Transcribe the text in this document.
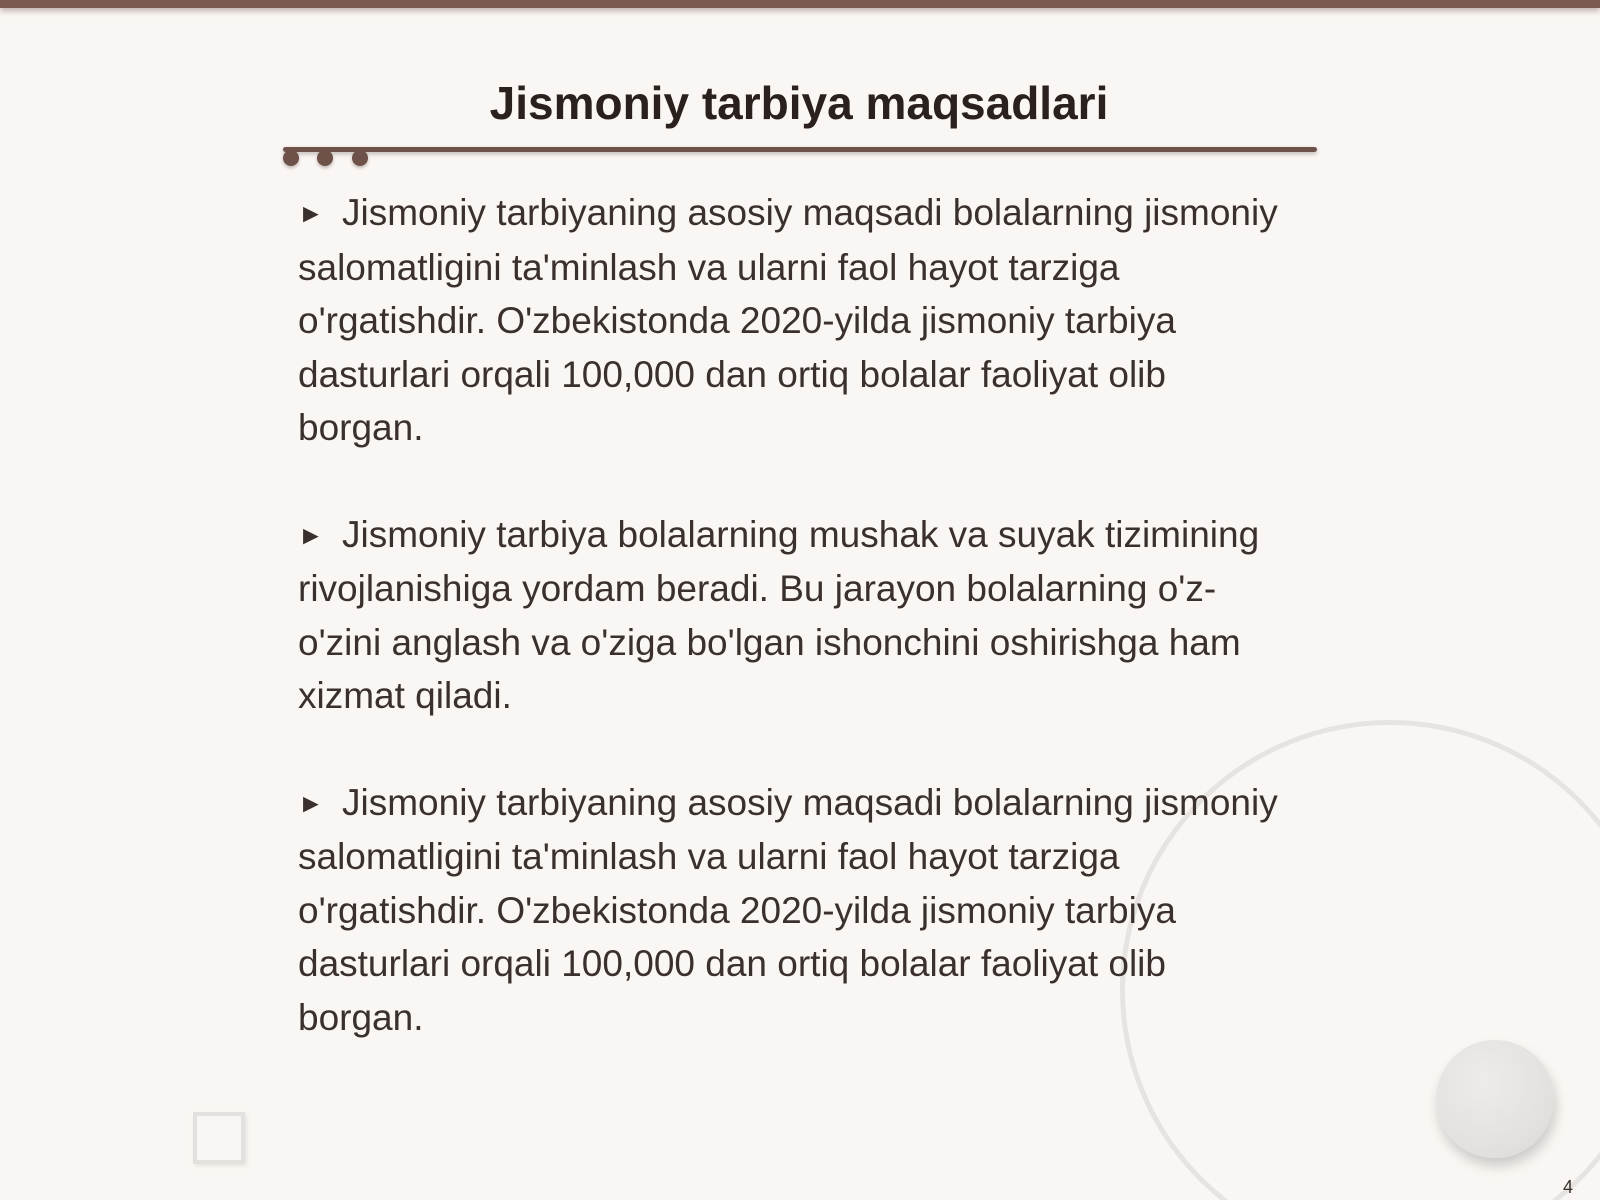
Jismoniy tarbiya maqsadlari

► Jismoniy tarbiyaning asosiy maqsadi bolalarning jismoniy salomatligini ta'minlash va ularni faol hayot tarziga o'rgatishdir. O'zbekistonda 2020-yilda jismoniy tarbiya dasturlari orqali 100,000 dan ortiq bolalar faoliyat olib borgan.

► Jismoniy tarbiya bolalarning mushak va suyak tizimining rivojlanishiga yordam beradi. Bu jarayon bolalarning o'z-o'zini anglash va o'ziga bo'lgan ishonchini oshirishga ham xizmat qiladi.

► Jismoniy tarbiyaning asosiy maqsadi bolalarning jismoniy salomatligini ta'minlash va ularni faol hayot tarziga o'rgatishdir. O'zbekistonda 2020-yilda jismoniy tarbiya dasturlari orqali 100,000 dan ortiq bolalar faoliyat olib borgan.

4
